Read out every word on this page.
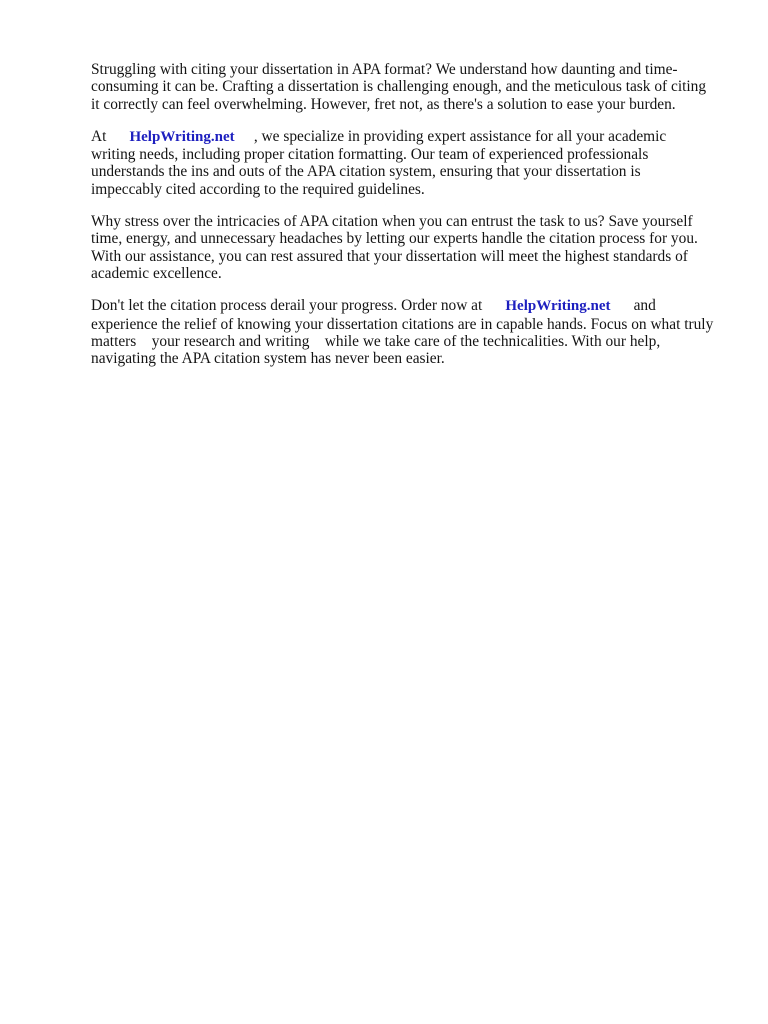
Struggling with citing your dissertation in APA format? We understand how daunting and time-
consuming it can be. Crafting a dissertation is challenging enough, and the meticulous task of citing
it correctly can feel overwhelming. However, fret not, as there's a solution to ease your burden.

At      HelpWriting.net     , we specialize in providing expert assistance for all your academic
writing needs, including proper citation formatting. Our team of experienced professionals
understands the ins and outs of the APA citation system, ensuring that your dissertation is
impeccably cited according to the required guidelines.

Why stress over the intricacies of APA citation when you can entrust the task to us? Save yourself
time, energy, and unnecessary headaches by letting our experts handle the citation process for you.
With our assistance, you can rest assured that your dissertation will meet the highest standards of
academic excellence.

Don't let the citation process derail your progress. Order now at      HelpWriting.net      and
experience the relief of knowing your dissertation citations are in capable hands. Focus on what truly
matters    your research and writing    while we take care of the technicalities. With our help,
navigating the APA citation system has never been easier.
